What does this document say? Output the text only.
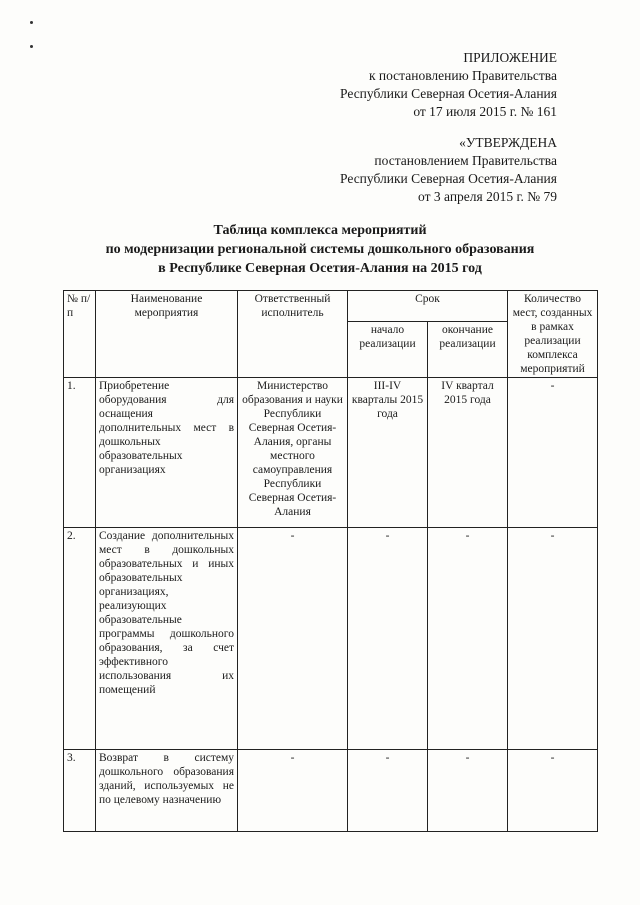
ПРИЛОЖЕНИЕ
к постановлению Правительства
Республики Северная Осетия-Алания
от 17 июля 2015 г. № 161
«УТВЕРЖДЕНА
постановлением Правительства
Республики Северная Осетия-Алания
от 3 апреля 2015 г. № 79
Таблица комплекса мероприятий
по модернизации региональной системы дошкольного образования
в Республике Северная Осетия-Алания на 2015 год
№ п/п	Наименование мероприятия	Ответственный исполнитель	Срок		Количество мест, созданных в рамках реализации комплекса мероприятий
			начало реализации	окончание реализации	
1.	Приобретение оборудования для оснащения дополнительных мест в дошкольных образовательных организациях	Министерство образования и науки Республики Северная Осетия-Алания, органы местного самоуправления Республики Северная Осетия-Алания	III-IV кварталы 2015 года	IV квартал 2015 года	-
2.	Создание дополнительных мест в дошкольных образовательных и иных образовательных организациях, реализующих образовательные программы дошкольного образования, за счет эффективного использования их помещений	-	-	-	-
3.	Возврат в систему дошкольного образования зданий, используемых не по целевому назначению	-	-	-	-
